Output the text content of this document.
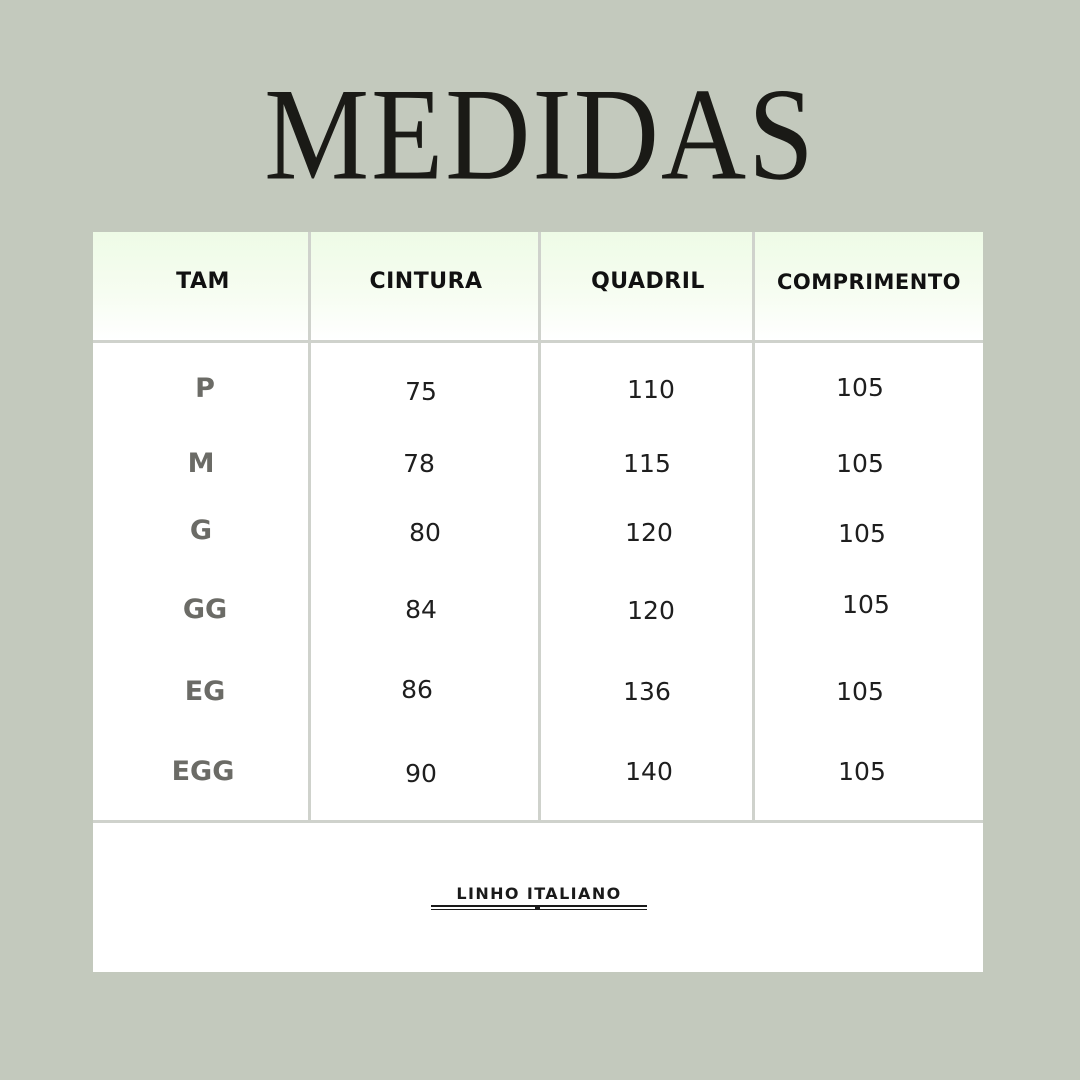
MEDIDAS
TAM	CINTURA	QUADRIL	COMPRIMENTO
P	75	110	105
M	78	115	105
G	80	120	105
GG	84	120	105
EG	86	136	105
EGG	90	140	105
LINHO ITALIANO
